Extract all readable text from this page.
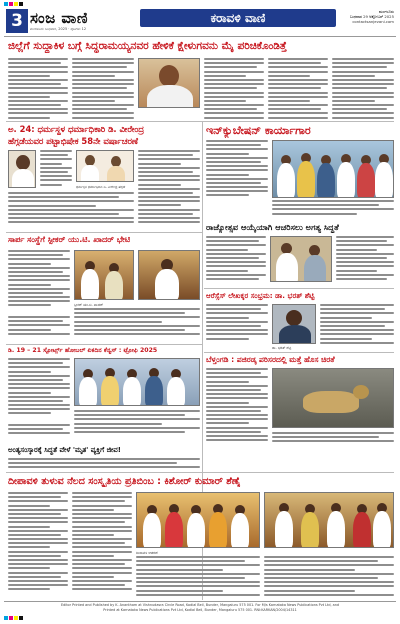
3 ಸಂಜ ವಾಣಿ	ಕರಾವಳಿ ವಾಣಿ
ಮಂಗಳೂರು ಬುಧವಾರ, 2025 · ಪುಟಗಳು 12
ಮಂಗಳೂರು
ಬುಧವಾರ 29 ಅಕ್ಟೋಬರ್ 2025
contactsanjevani.com
ಜಿಲ್ಲೆಗೆ ಸುದ್ದಾಕಿಳ ಬಗ್ಗೆ ಸಿದ್ಧರಾಮಯ್ಯನವರ ಹೇಳಿಕೆ ಕ್ಷೇಳುಗವನು ಮೈ ಪರಿಚಿಕೊಂಡಿತ್ತೆ
ಅ. 24: ಧರ್ಮಸ್ಥಳ ಧರ್ಮಾಧಿಕಾರಿ ಡಿ. ವೀರೇಂದ್ರ
ಹೆಗ್ಗಡೆಯವರ ಪಟ್ಟಾಭಿಷೇಕ 58ನೇ ವರ್ಷಾಚರಣೆ
ಧರ್ಮಸ್ಥಳ ಧರ್ಮಾಧಿಕಾರಿ ಡಿ. ವೀರೇಂದ್ರ ಹೆಗ್ಗಡೆ
ಇನ್‌ಕ್ಯುಬೇಷನ್ ಕಾರ್ಯಾಗಾರ
ರಾಜ್ಯೋತ್ಸವ ಆಯ್ಕೆಯಾಗಿ ಆಚರಿಸಲು ಅಗತ್ಯ ಸಿದ್ಧತೆ
ಸಾರ್ಪ ಸಂಸ್ಥೆಗೆ ಸ್ಪೀಕರ್ ಯು.ಟಿ. ಖಾದರ್ ಭೇಟಿ
ಸ್ಪೀಕರ್ ಯು.ಟಿ. ಖಾದರ್
ಡಿ. 19 – 21 ಸ್ಪೋರ್ಟ್ಸ್ ಹೋಬಲ್ ಏಕದಿನ ಕೆನ್ವಸ್ : ಟ್ರೋಫಿ 2025
ಆರೆಸ್ಸೆಸ್ ಲೇಖಕ್ಕರ ಸಂಭ್ರಮ: ಡಾ. ಭರತ್ ಶೆಟ್ಟಿ
ಡಾ. ಭರತ್ ಶೆಟ್ಟಿ
ಬೆಳ್ತಂಗಡಿ : ಪಜಿರಡ್ಕ ಪರಿಸರದಲ್ಲಿ ಮತ್ತೆ ಹೊಸ ಚಿರತೆ
ಅಂತ್ಯಸಂಸ್ಕಾರಕ್ಕೆ ಸಿದ್ಧತೆ ವೇಳೆ 'ಮೃತ' ವ್ಯಕ್ತಿಗೆ ಜೀವ!
ದೀಪಾವಳಿ ತುಳುವ ನೆಲದ ಸಂಸ್ಕೃತಿಯ ಪ್ರತಿಬಿಂಬ : ಕಿಶೋರ್ ಕುಮಾರ್ ಶೆಣೈ
ದೀಪಾವಳಿ ಆಚರಣೆ
Editor Printed and Published by K. Anantham at Vishnudasra Circle Road, Kodial Beil, Bunder, Mangaluru 575 001. For M/s Karnataka News Publications Pvt Ltd, and
Printed at Karnataka News Publications Pvt Ltd, Kodial Beil, Bunder, Mangaluru 575 001. RNI:KARKAN/2004/14311
